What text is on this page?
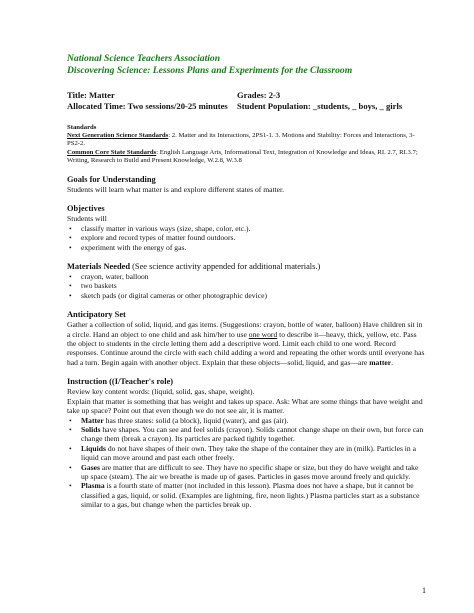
National Science Teachers Association
Discovering Science: Lessons Plans and Experiments for the Classroom
Title: Matter	Grades: 2-3
Allocated Time: Two sessions/20-25 minutes	Student Population: _students, _ boys, _ girls
Standards

Next Generation Science Standards: 2. Matter and its Interactions, 2PS1-1. 3. Motions and Stability: Forces and Interactions, 3-PS2-2.

Common Core State Standards: English Language Arts, Informational Text, Integration of Knowledge and Ideas, RI. 2.7, RI.3.7; Writing, Research to Build and Present Knowledge, W.2.8, W.3.8

Goals for Understanding

Students will learn what matter is and explore different states of matter.

Objectives

Students will

• classify matter in various ways (size, shape, color, etc.).
• explore and record types of matter found outdoors.
• experiment with the energy of gas.
Materials Needed (See science activity appended for additional materials.)
• crayon, water, balloon
• two baskets
• sketch pads (or digital cameras or other photographic device)
Anticipatory Set

Gather a collection of solid, liquid, and gas items. (Suggestions: crayon, bottle of water, balloon) Have children sit in a circle. Hand an object to one child and ask him/her to use one word to describe it—heavy, thick, yellow, etc. Pass the object to students in the circle letting them add a descriptive word. Limit each child to one word. Record responses. Continue around the circle with each child adding a word and repeating the other words until everyone has had a turn. Begin again with another object. Explain that these objects—solid, liquid, and gas—are matter.

Instruction ((I/Teacher's role)

Review key content words: (liquid, solid, gas, shape, weight).

Explain that matter is something that has weight and takes up space. Ask: What are some things that have weight and take up space? Point out that even though we do not see air, it is matter.

• Matter has three states: solid (a block), liquid (water), and gas (air).
• Solids have shapes. You can see and feel solids (crayon). Solids cannot change shape on their own, but force can change them (break a crayon). Its particles are packed tightly together.
• Liquids do not have shapes of their own. They take the shape of the container they are in (milk). Particles in a liquid can move around and past each other freely.
• Gases are matter that are difficult to see. They have no specific shape or size, but they do have weight and take up space (steam). The air we breathe is made up of gases. Particles in gases move around freely and quickly.
• Plasma is a fourth state of matter (not included in this lesson). Plasma does not have a shape, but it cannot be classified a gas, liquid, or solid. (Examples are lightning, fire, neon lights.) Plasma particles start as a substance similar to a gas, but change when the particles break up.
1
